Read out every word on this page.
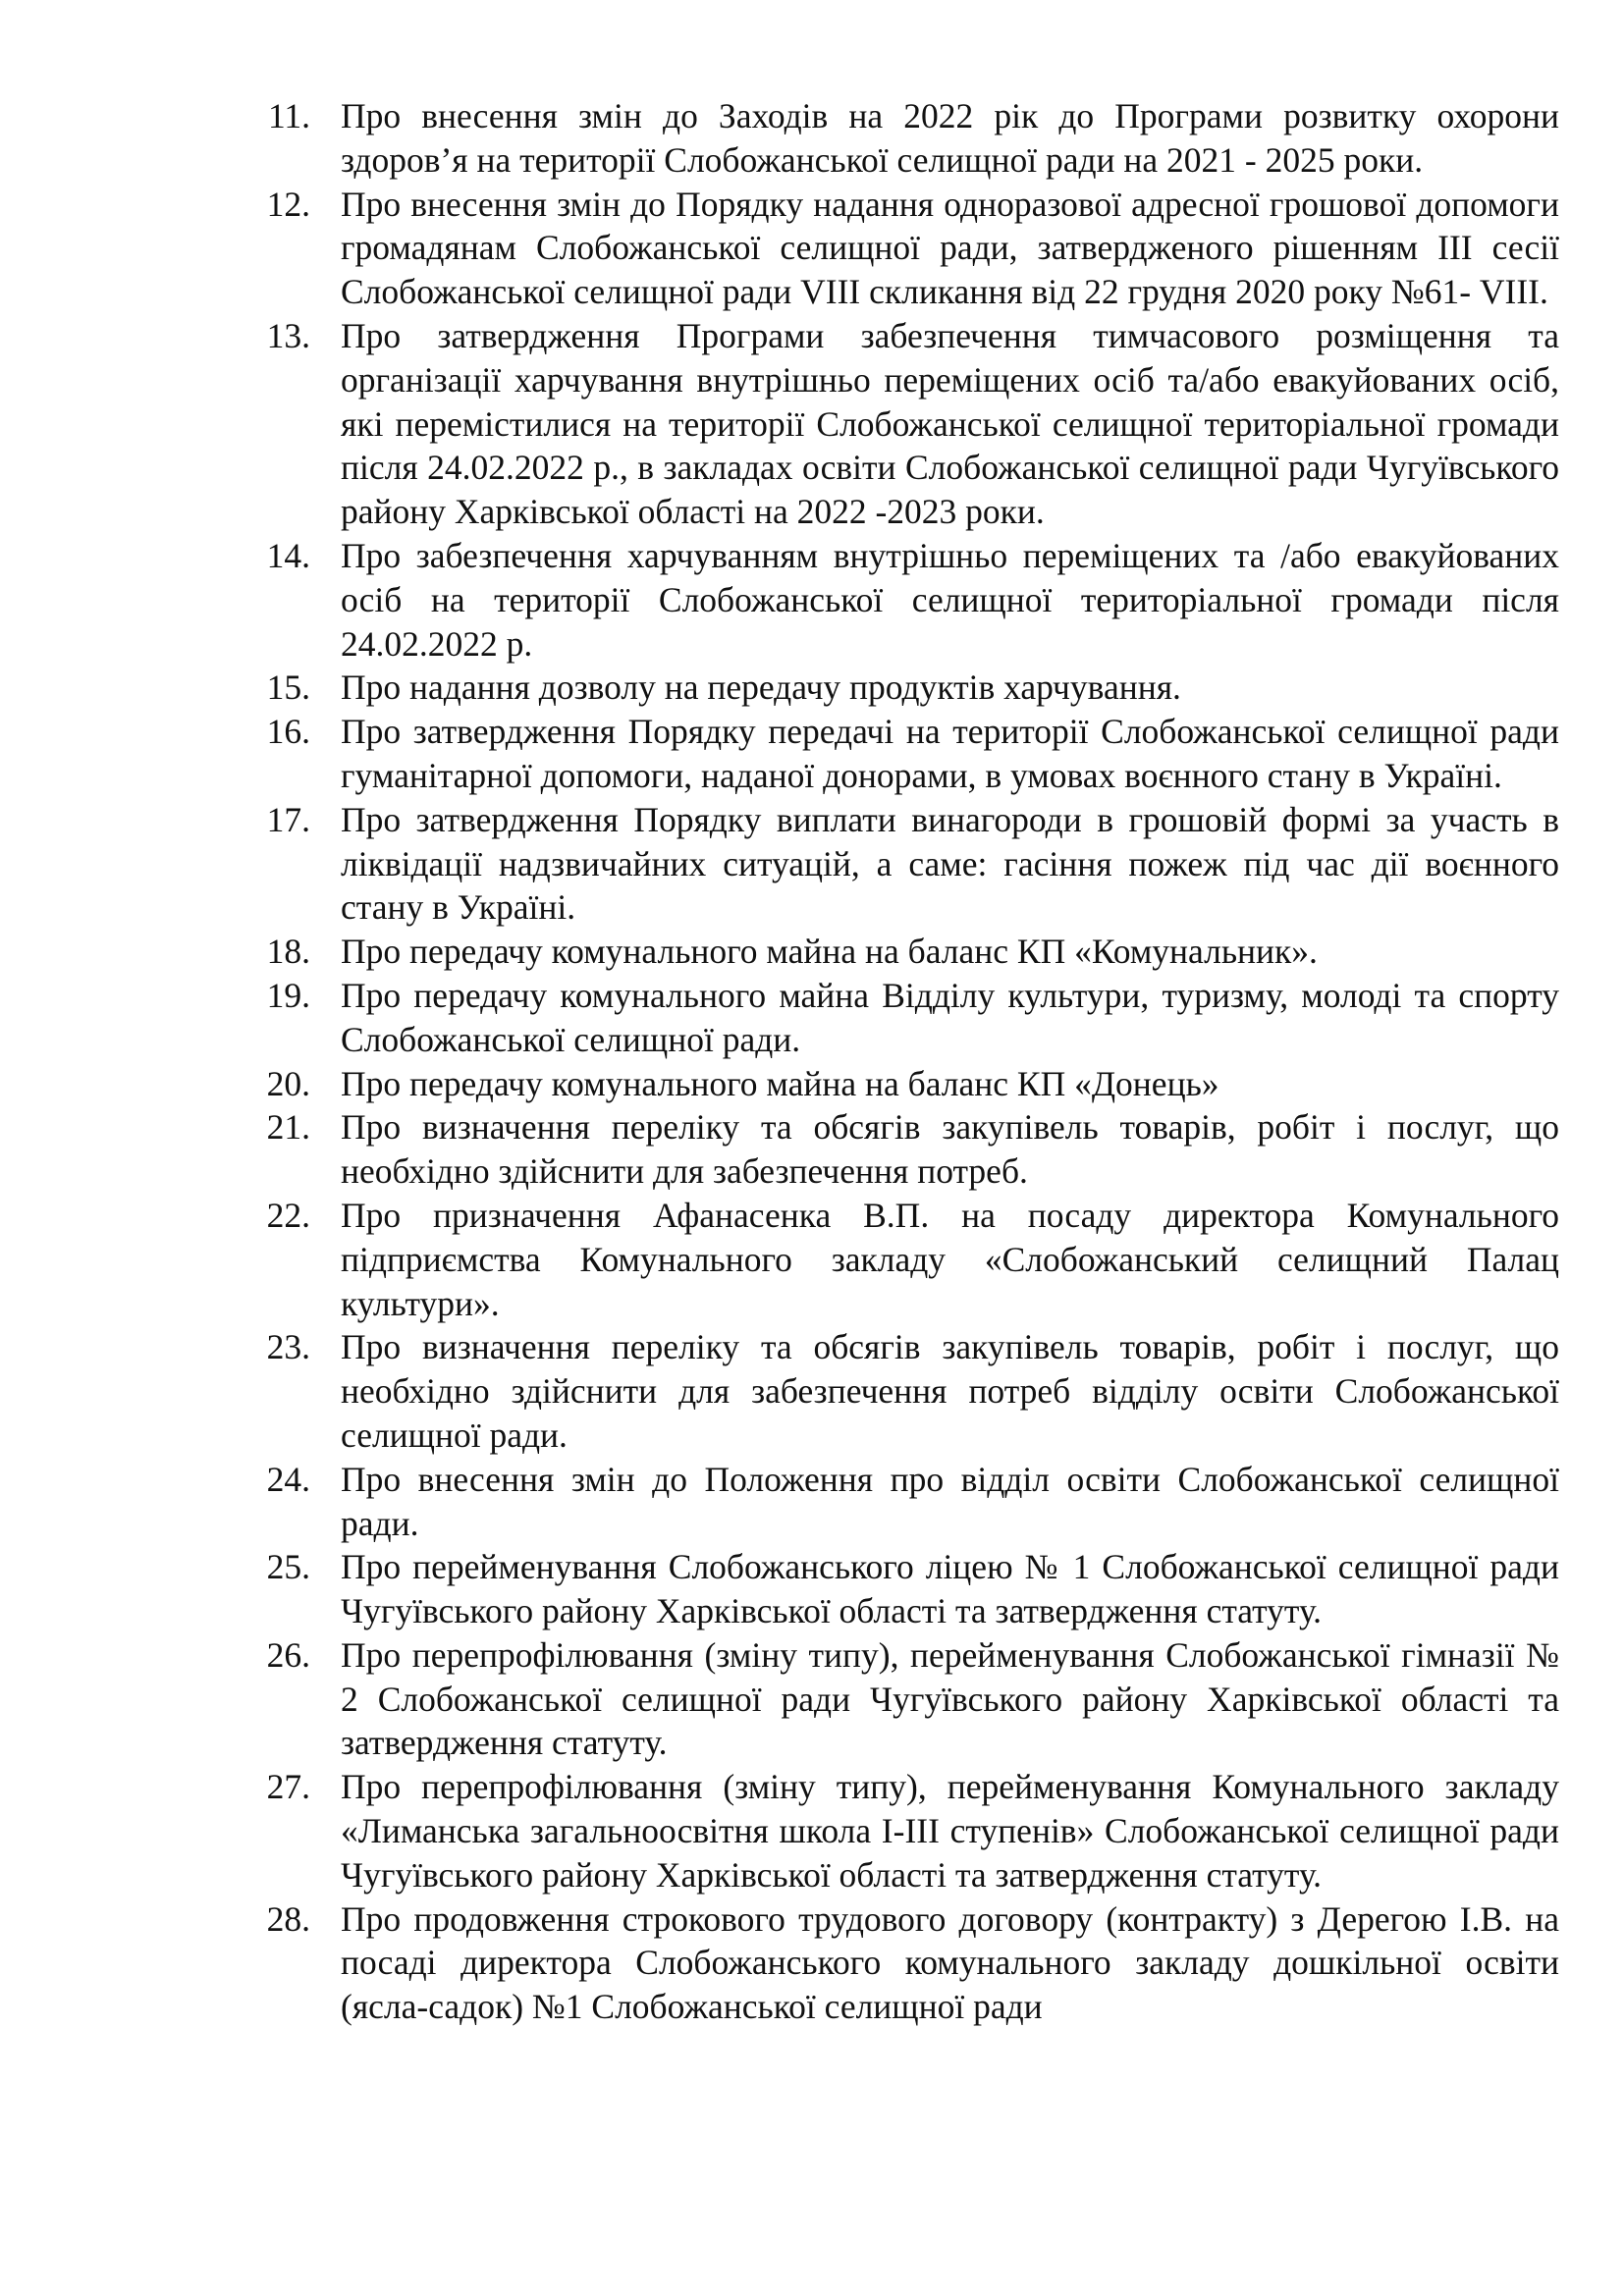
11. Про внесення змін до Заходів на 2022 рік до Програми розвитку охорони здоров’я на території Слобожанської селищної ради на 2021 - 2025 роки.
12. Про внесення змін до Порядку надання одноразової адресної грошової допомоги громадянам Слобожанської селищної ради, затвердженого рішенням ІІІ сесії Слобожанської селищної ради VIII скликання від 22 грудня 2020 року №61- VIII.
13. Про затвердження Програми забезпечення тимчасового розміщення та організації харчування внутрішньо переміщених осіб та/або евакуйованих осіб, які перемістилися на території Слобожанської селищної територіальної громади після 24.02.2022 р., в закладах освіти Слобожанської селищної ради Чугуївського району Харківської області на 2022 -2023 роки.
14. Про забезпечення харчуванням внутрішньо переміщених та /або евакуйованих осіб на території Слобожанської селищної територіальної громади після 24.02.2022 р.
15. Про надання дозволу на передачу продуктів харчування.
16. Про затвердження Порядку передачі на території Слобожанської селищної ради гуманітарної допомоги, наданої донорами, в умовах воєнного стану в Україні.
17. Про затвердження Порядку виплати винагороди в грошовій формі за участь в ліквідації надзвичайних ситуацій, а саме: гасіння пожеж під час дії воєнного стану в Україні.
18. Про передачу комунального майна на баланс КП «Комунальник».
19. Про передачу комунального майна Відділу культури, туризму, молоді та спорту Слобожанської селищної ради.
20. Про передачу комунального майна на баланс КП «Донець»
21. Про визначення переліку та обсягів закупівель товарів, робіт і послуг, що необхідно здійснити для забезпечення потреб.
22. Про призначення Афанасенка В.П. на посаду директора Комунального підприємства Комунального закладу «Слобожанський селищний Палац культури».
23. Про визначення переліку та обсягів закупівель товарів, робіт і послуг, що необхідно здійснити для забезпечення потреб відділу освіти Слобожанської селищної ради.
24. Про внесення змін до Положення про відділ освіти Слобожанської селищної ради.
25. Про перейменування Слобожанського ліцею № 1 Слобожанської селищної ради Чугуївського району Харківської області та затвердження статуту.
26. Про перепрофілювання (зміну типу), перейменування Слобожанської гімназії № 2 Слобожанської селищної ради Чугуївського району Харківської області та затвердження статуту.
27. Про перепрофілювання (зміну типу), перейменування Комунального закладу «Лиманська загальноосвітня школа І-ІІІ ступенів» Слобожанської селищної ради Чугуївського району Харківської області та затвердження статуту.
28. Про продовження строкового трудового договору (контракту) з Дерегою І.В. на посаді директора Слобожанського комунального закладу дошкільної освіти (ясла-садок) №1 Слобожанської селищної ради
